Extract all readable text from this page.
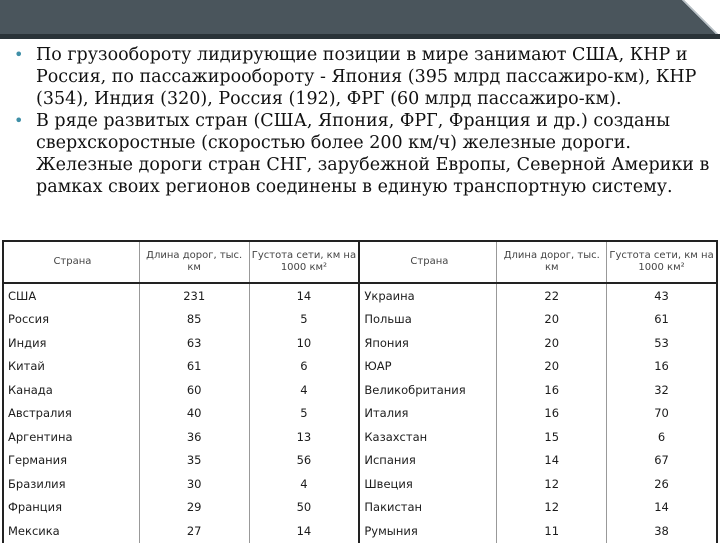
• По грузообороту лидирующие позиции в мире занимают США, КНР и Россия, по пассажирообороту - Япония (395 млрд пассажиро-км), КНР (354), Индия (320), Россия (192), ФРГ (60 млрд пассажиро-км).
• В ряде развитых стран (США, Япония, ФРГ, Франция и др.) созданы сверхскоростные (скоростью более 200 км/ч) железные дороги. Железные дороги стран СНГ, зарубежной Европы, Северной Америки в рамках своих регионов соединены в единую транспортную систему.
Страна	Длина дорог, тыс. км	Густота сети, км на 1000 км²	Страна	Длина дорог, тыс. км	Густота сети, км на 1000 км²
США	231	14	Украина	22	43
Россия	85	5	Польша	20	61
Индия	63	10	Япония	20	53
Китай	61	6	ЮАР	20	16
Канада	60	4	Великобритания	16	32
Австралия	40	5	Италия	16	70
Аргентина	36	13	Казахстан	15	6
Германия	35	56	Испания	14	67
Бразилия	30	4	Швеция	12	26
Франция	29	50	Пакистан	12	14
Мексика	27	14	Румыния	11	38
